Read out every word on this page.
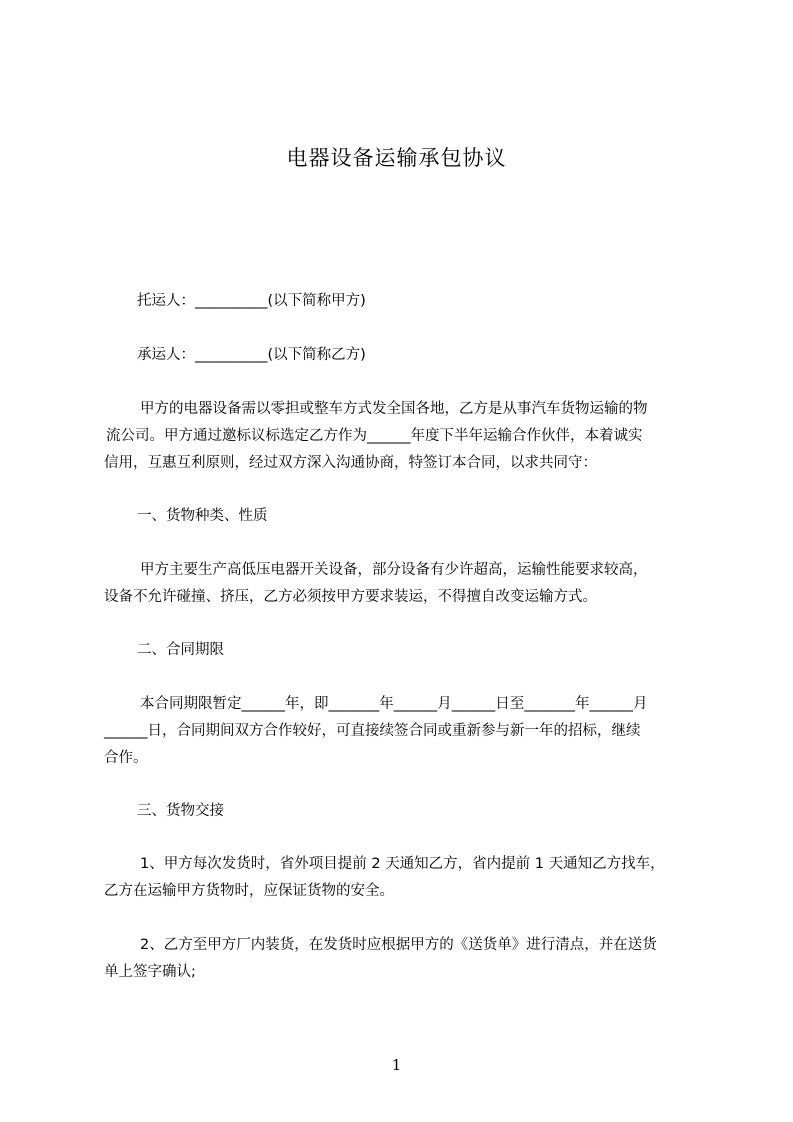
电器设备运输承包协议
托运人：__________(以下简称甲方)
承运人：__________(以下简称乙方)
甲方的电器设备需以零担或整车方式发全国各地，乙方是从事汽车货物运输的物
流公司。甲方通过邀标议标选定乙方作为______年度下半年运输合作伙伴，本着诚实
信用，互惠互利原则，经过双方深入沟通协商，特签订本合同，以求共同守：
一、货物种类、性质
甲方主要生产高低压电器开关设备，部分设备有少许超高，运输性能要求较高，
设备不允许碰撞、挤压，乙方必须按甲方要求装运，不得擅自改变运输方式。
二、合同期限
本合同期限暂定______年，即_______年______月______日至_______年______月
______日，合同期间双方合作较好，可直接续签合同或重新参与新一年的招标，继续
合作。
三、货物交接
1、甲方每次发货时，省外项目提前 2 天通知乙方，省内提前 1 天通知乙方找车，
乙方在运输甲方货物时，应保证货物的安全。
2、乙方至甲方厂内装货，在发货时应根据甲方的《送货单》进行清点，并在送货
单上签字确认;
1
